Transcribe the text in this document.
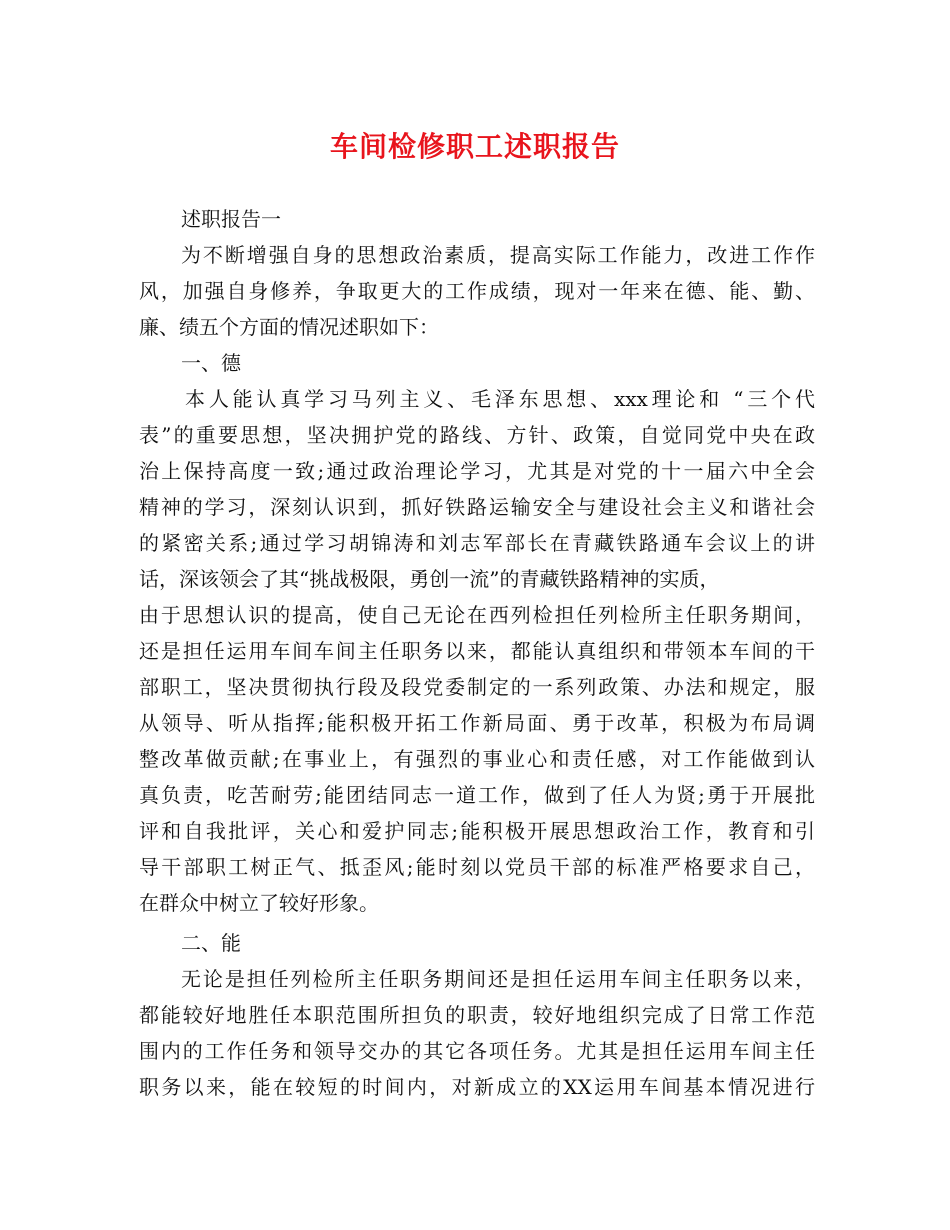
车间检修职工述职报告
述职报告一
为不断增强自身的思想政治素质，提高实际工作能力，改进工作作
风，加强自身修养，争取更大的工作成绩，现对一年来在德、能、勤、
廉、绩五个方面的情况述职如下：
一、德
本人能认真学习马列主义、毛泽东思想、xxx理论和 “三个代
表”的重要思想，坚决拥护党的路线、方针、政策，自觉同党中央在政
治上保持高度一致;通过政治理论学习，尤其是对党的十一届六中全会
精神的学习，深刻认识到，抓好铁路运输安全与建设社会主义和谐社会
的紧密关系;通过学习胡锦涛和刘志军部长在青藏铁路通车会议上的讲
话，深该领会了其“挑战极限，勇创一流”的青藏铁路精神的实质，
由于思想认识的提高，使自己无论在西列检担任列检所主任职务期间，
还是担任运用车间车间主任职务以来，都能认真组织和带领本车间的干
部职工，坚决贯彻执行段及段党委制定的一系列政策、办法和规定，服
从领导、听从指挥;能积极开拓工作新局面、勇于改革，积极为布局调
整改革做贡献;在事业上，有强烈的事业心和责任感，对工作能做到认
真负责，吃苦耐劳;能团结同志一道工作，做到了任人为贤;勇于开展批
评和自我批评，关心和爱护同志;能积极开展思想政治工作，教育和引
导干部职工树正气、抵歪风;能时刻以党员干部的标准严格要求自己，
在群众中树立了较好形象。
二、能
无论是担任列检所主任职务期间还是担任运用车间主任职务以来，
都能较好地胜任本职范围所担负的职责，较好地组织完成了日常工作范
围内的工作任务和领导交办的其它各项任务。尤其是担任运用车间主任
职务以来，能在较短的时间内，对新成立的XX运用车间基本情况进行
